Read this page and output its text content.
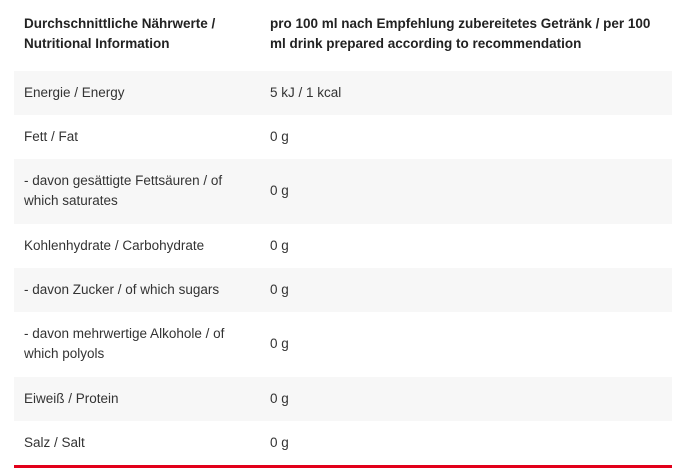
Durchschnittliche Nährwerte / Nutritional Information	pro 100 ml nach Empfehlung zubereitetes Getränk / per 100 ml drink prepared according to recommendation
Energie / Energy	5 kJ / 1 kcal
Fett / Fat	0 g
- davon gesättigte Fettsäuren / of which saturates	0 g
Kohlenhydrate / Carbohydrate	0 g
- davon Zucker / of which sugars	0 g
- davon mehrwertige Alkohole / of which polyols	0 g
Eiweiß / Protein	0 g
Salz / Salt	0 g
